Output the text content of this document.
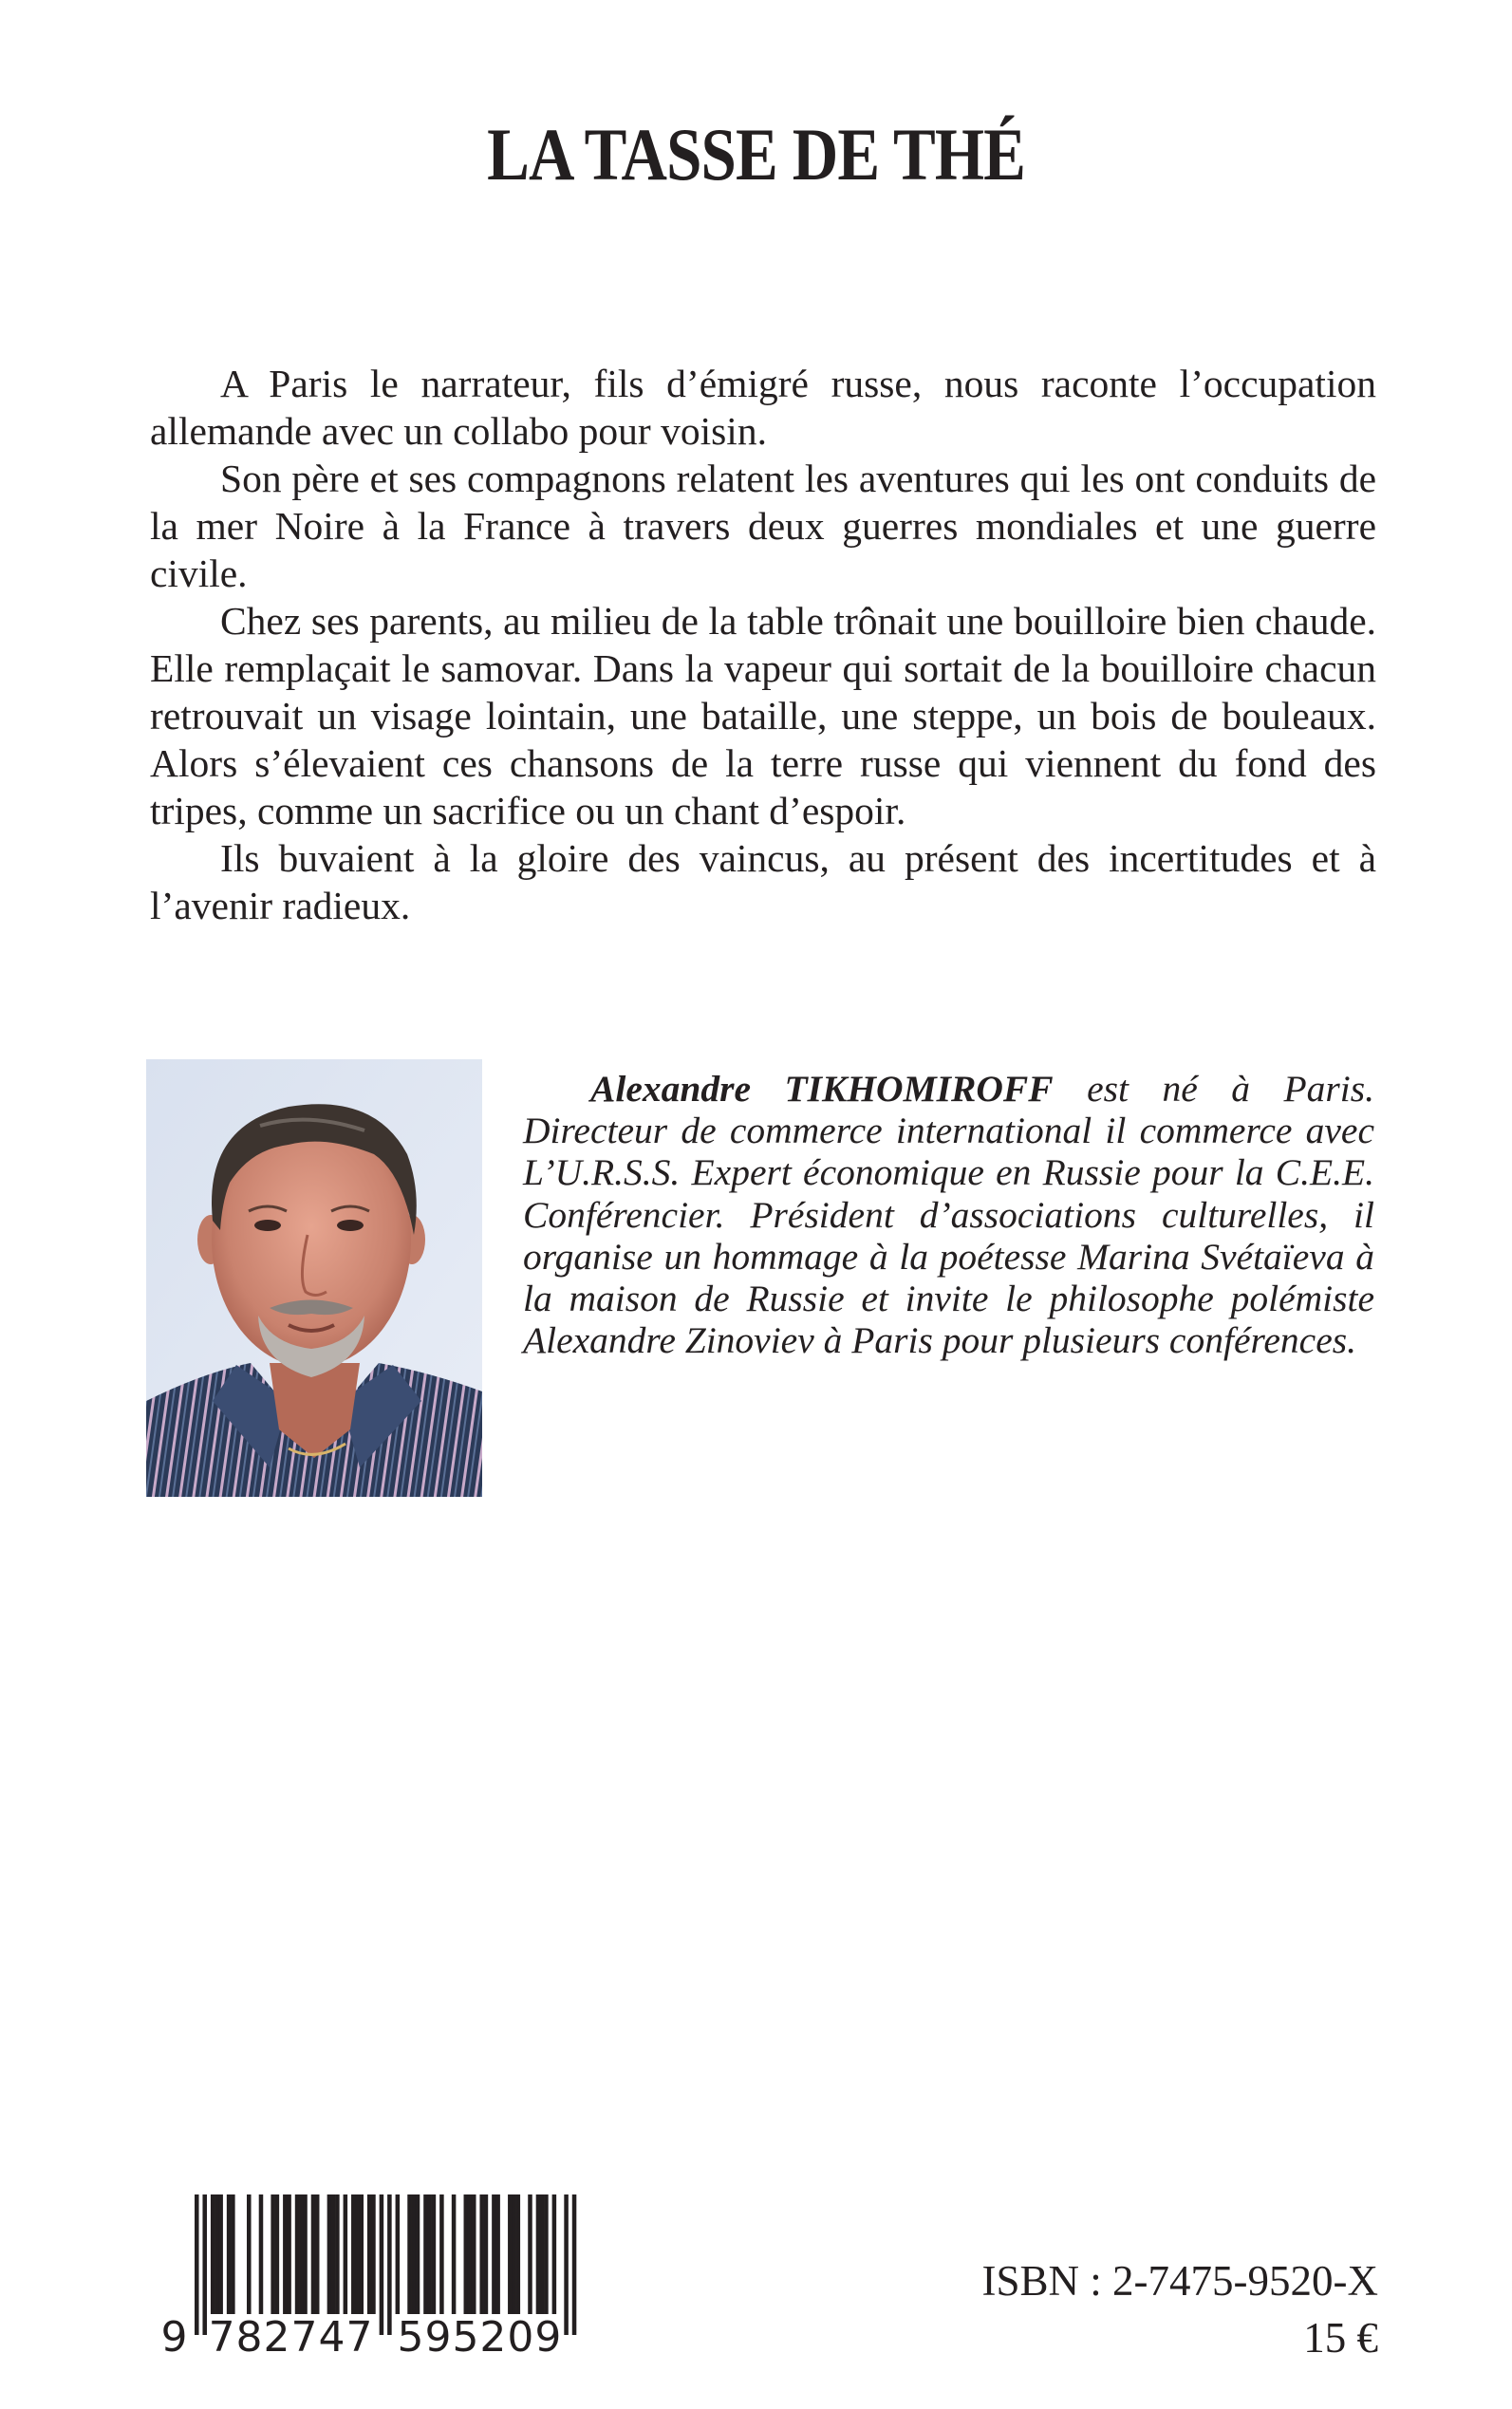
LA TASSE DE THÉ

A Paris le narrateur, fils d’émigré russe, nous raconte l’occupation allemande avec un collabo pour voisin.

Son père et ses compagnons relatent les aventures qui les ont conduits de la mer Noire à la France à travers deux guerres mondiales et une guerre civile.

Chez ses parents, au milieu de la table trônait une bouilloire bien chaude. Elle remplaçait le samovar. Dans la vapeur qui sortait de la bouilloire chacun retrouvait un visage lointain, une bataille, une steppe, un bois de bouleaux. Alors s’élevaient ces chansons de la terre russe qui viennent du fond des tripes, comme un sacrifice ou un chant d’espoir.

Ils buvaient à la gloire des vaincus, au présent des incertitudes et à l’avenir radieux.

Alexandre TIKHOMIROFF est né à Paris. Directeur de commerce international il commerce avec L’U.R.S.S. Expert économique en Russie pour la C.E.E. Conférencier. Président d’associations culturelles, il organise un hommage à la poétesse Marina Svétaïeva à la maison de Russie et invite le philosophe polémiste Alexandre Zinoviev à Paris pour plusieurs conférences.

9 782747 595209
ISBN : 2-7475-9520-X
15 €
